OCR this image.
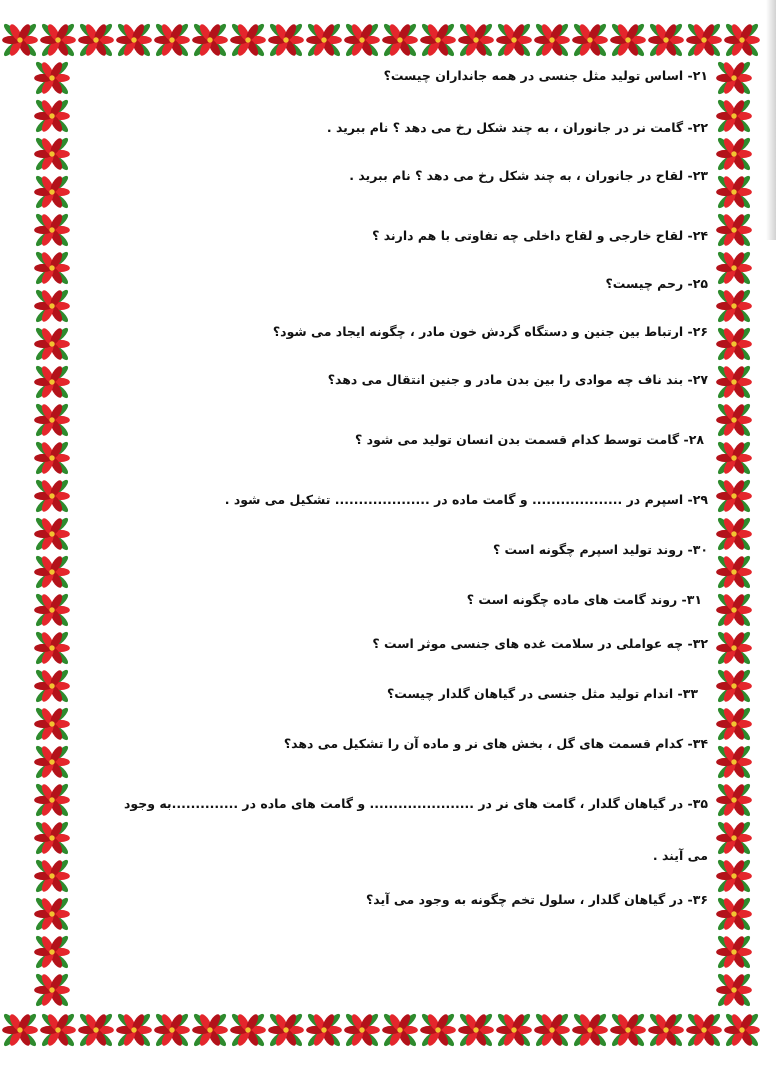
۲۱- اساس تولید مثل جنسی در همه جانداران چیست؟
۲۲- گامت نر در جانوران ، به چند شکل رخ می دهد ؟ نام ببرید .
۲۳- لقاح در جانوران ، به چند شکل رخ می دهد ؟ نام ببرید .
۲۴- لقاح خارجی و لقاح داخلی چه تفاوتی با هم دارند ؟
۲۵- رحم چیست؟
۲۶- ارتباط بین جنین و دستگاه گردش خون مادر ، چگونه ایجاد می شود؟
۲۷- بند ناف چه موادی را بین بدن مادر و جنین انتقال می دهد؟
۲۸- گامت توسط کدام قسمت بدن انسان تولید می شود ؟
۲۹- اسپرم در ................... و گامت ماده در .................... تشکیل می شود .
۳۰- روند تولید اسپرم چگونه است ؟
۳۱- روند گامت های ماده چگونه است ؟
۳۲- چه عواملی در سلامت غده های جنسی موثر است ؟
۳۳- اندام تولید مثل جنسی در گیاهان گلدار چیست؟
۳۴- کدام قسمت های گل ، بخش های نر و ماده آن را تشکیل می دهد؟
۳۵- در گیاهان گلدار ، گامت های نر در ...................... و گامت های ماده در ..............به وجود
می آیند .
۳۶- در گیاهان گلدار ، سلول تخم چگونه به وجود می آید؟
